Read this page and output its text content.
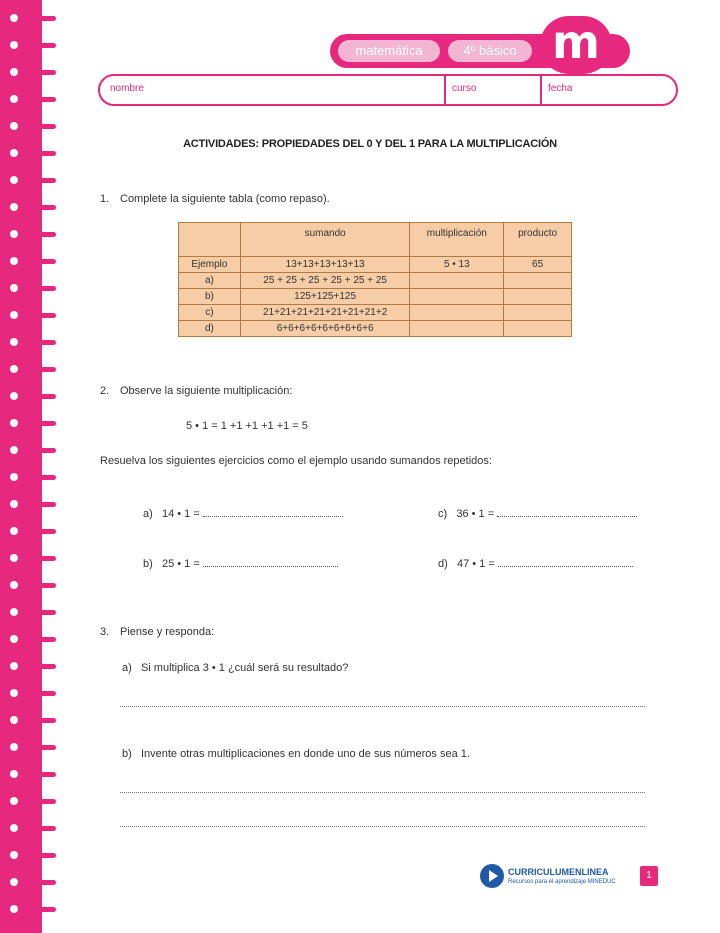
matemática	4º básico m
nombre	curso	fecha
ACTIVIDADES: PROPIEDADES DEL 0 Y DEL 1 PARA LA MULTIPLICACIÓN
1. Complete la siguiente tabla (como repaso).
	sumando	multiplicación	producto
Ejemplo	13+13+13+13+13	5 • 13	65
a)	25 + 25 + 25 + 25 + 25 + 25		
b)	125+125+125		
c)	21+21+21+21+21+21+21+2		
d)	6+6+6+6+6+6+6+6+6		
2. Observe la siguiente multiplicación:
5 • 1 = 1 +1 +1 +1 +1 = 5
Resuelva los siguientes ejercicios como el ejemplo usando sumandos repetidos:
a) 14 • 1 =	c) 36 • 1 =
b) 25 • 1 =	d) 47 • 1 =
3. Piense y responda:
a) Si multiplica 3 • 1 ¿cuál será su resultado?
b) Invente otras multiplicaciones en donde uno de sus números sea 1.
CURRICULUMENLINEA
Recursos para el aprendizaje MINEDUC
1
